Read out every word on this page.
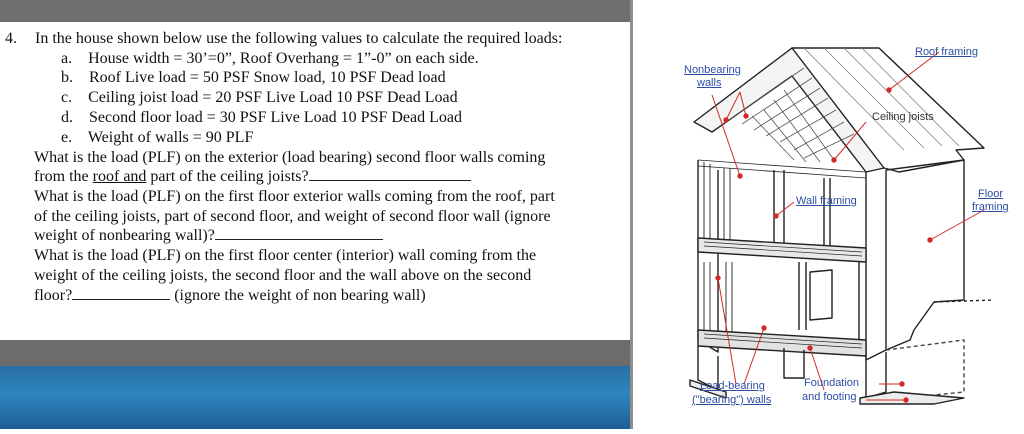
4. In the house shown below use the following values to calculate the required loads:
a. House width = 30’=0”, Roof Overhang = 1”-0” on each side.
b. Roof Live load = 50 PSF Snow load, 10 PSF Dead load
c. Ceiling joist load = 20 PSF Live Load 10 PSF Dead Load
d. Second floor load = 30 PSF Live Load 10 PSF Dead Load
e. Weight of walls = 90 PLF
What is the load (PLF) on the exterior (load bearing) second floor walls coming
from the roof and part of the ceiling joists?
What is the load (PLF) on the first floor exterior walls coming from the roof, part
of the ceiling joists, part of second floor, and weight of second floor wall (ignore
weight of nonbearing wall)?
What is the load (PLF) on the first floor center (interior) wall coming from the
weight of the ceiling joists, the second floor and the wall above on the second
floor?	(ignore the weight of non bearing wall)
Roof framing
Nonbearing
walls
Ceiling joists
Wall framing
Floor
framing
Load-bearing
("bearing") walls
Foundation
and footing
